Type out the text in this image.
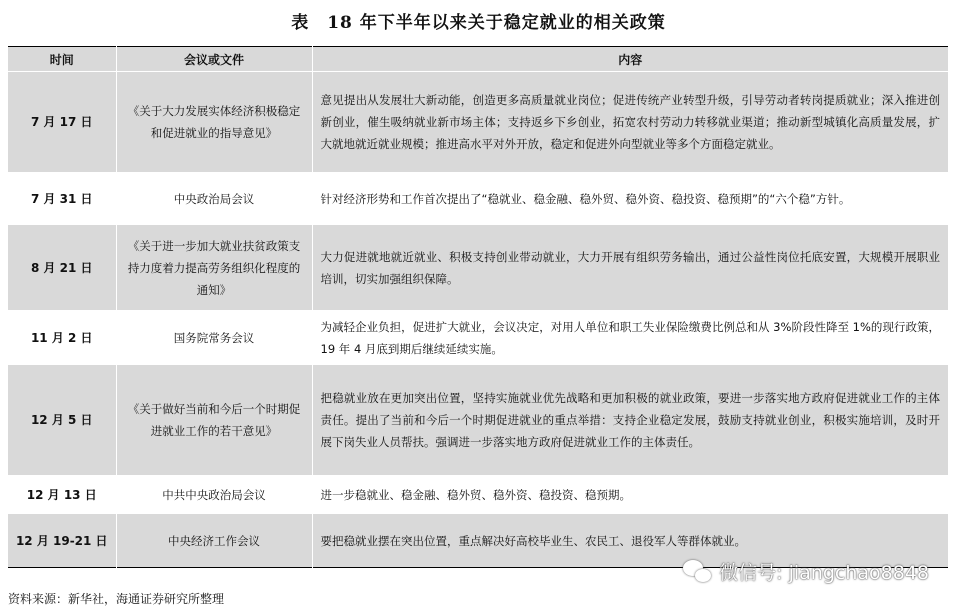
表 18 年下半年以来关于稳定就业的相关政策
时间	会议或文件	内容
7 月 17 日	《关于大力发展实体经济积极稳定和促进就业的指导意见》	意见提出从发展壮大新动能，创造更多高质量就业岗位；促进传统产业转型升级，引导劳动者转岗提质就业；深入推进创新创业，催生吸纳就业新市场主体；支持返乡下乡创业，拓宽农村劳动力转移就业渠道；推动新型城镇化高质量发展，扩大就地就近就业规模；推进高水平对外开放，稳定和促进外向型就业等多个方面稳定就业。
7 月 31 日	中央政治局会议	针对经济形势和工作首次提出了“稳就业、稳金融、稳外贸、稳外资、稳投资、稳预期”的“六个稳”方针。
8 月 21 日	《关于进一步加大就业扶贫政策支持力度着力提高劳务组织化程度的通知》	大力促进就地就近就业、积极支持创业带动就业，大力开展有组织劳务输出，通过公益性岗位托底安置，大规模开展职业培训，切实加强组织保障。
11 月 2 日	国务院常务会议	为减轻企业负担，促进扩大就业，会议决定，对用人单位和职工失业保险缴费比例总和从 3%阶段性降至 1%的现行政策，19 年 4 月底到期后继续延续实施。
12 月 5 日	《关于做好当前和今后一个时期促进就业工作的若干意见》	把稳就业放在更加突出位置，坚持实施就业优先战略和更加积极的就业政策，要进一步落实地方政府促进就业工作的主体责任。提出了当前和今后一个时期促进就业的重点举措：支持企业稳定发展，鼓励支持就业创业，积极实施培训，及时开展下岗失业人员帮扶。强调进一步落实地方政府促进就业工作的主体责任。
12 月 13 日	中共中央政治局会议	进一步稳就业、稳金融、稳外贸、稳外资、稳投资、稳预期。
12 月 19-21 日	中央经济工作会议	要把稳就业摆在突出位置，重点解决好高校毕业生、农民工、退役军人等群体就业。
资料来源：新华社，海通证券研究所整理
微信号: jiangchao8848
